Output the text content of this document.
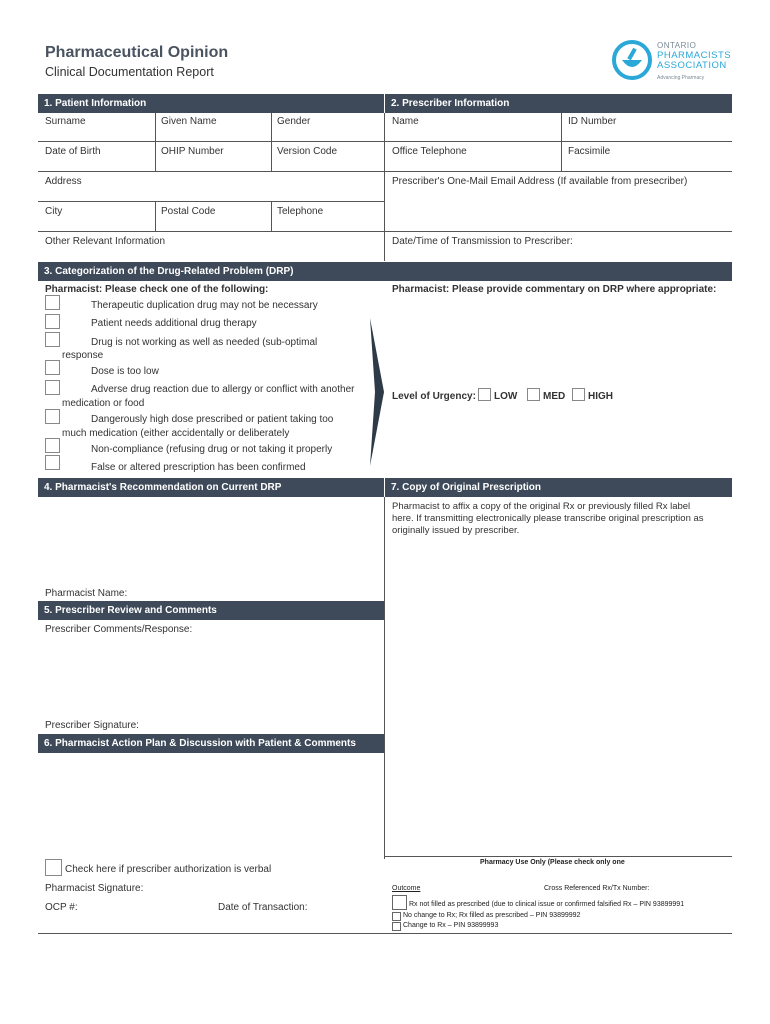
Pharmaceutical Opinion
Clinical Documentation Report
ONTARIO
PHARMACISTS
ASSOCIATION
Advancing Pharmacy
1. Patient Information	2. Prescriber Information
Surname	Given Name	Gender
Date of Birth	OHIP Number	Version Code
Address
City	Postal Code	Telephone
Other Relevant Information
Name	ID Number
Office Telephone	Facsimile
Prescriber's One-Mail Email Address (If available from presecriber)
Date/Time of Transmission to Prescriber:
3. Categorization of the Drug-Related Problem (DRP)
Pharmacist: Please check one of the following:	Pharmacist: Please provide commentary on DRP where appropriate:
Therapeutic duplication drug may not be necessary
Patient needs additional drug therapy
Drug is not working as well as needed (sub-optimal
response
Dose is too low
Adverse drug reaction due to allergy or conflict with another
medication or food
Dangerously high dose prescribed or patient taking too
much medication (either accidentally or deliberately
Non-compliance (refusing drug or not taking it properly
False or altered prescription has been confirmed
Level of Urgency: LOW	MED HIGH
4. Pharmacist's Recommendation on Current DRP	7. Copy of Original Prescription
Pharmacist to affix a copy of the original Rx or previously filled Rx label
here. If transmitting electronically please transcribe original prescription as
originally issued by prescriber.
Pharmacist Name:
5. Prescriber Review and Comments
Prescriber Comments/Response:
Prescriber Signature:
6. Pharmacist Action Plan & Discussion with Patient & Comments
Check here if prescriber authorization is verbal
Pharmacist Signature:
OCP #:	Date of Transaction:
Pharmacy Use Only (Please check only one
Outcome	Cross Referenced Rx/Tx Number:
Rx not filled as prescribed (due to clinical issue or confirmed falsified Rx – PIN 93899991
No change to Rx; Rx filled as prescribed – PIN 93899992
Change to Rx – PIN 93899993
